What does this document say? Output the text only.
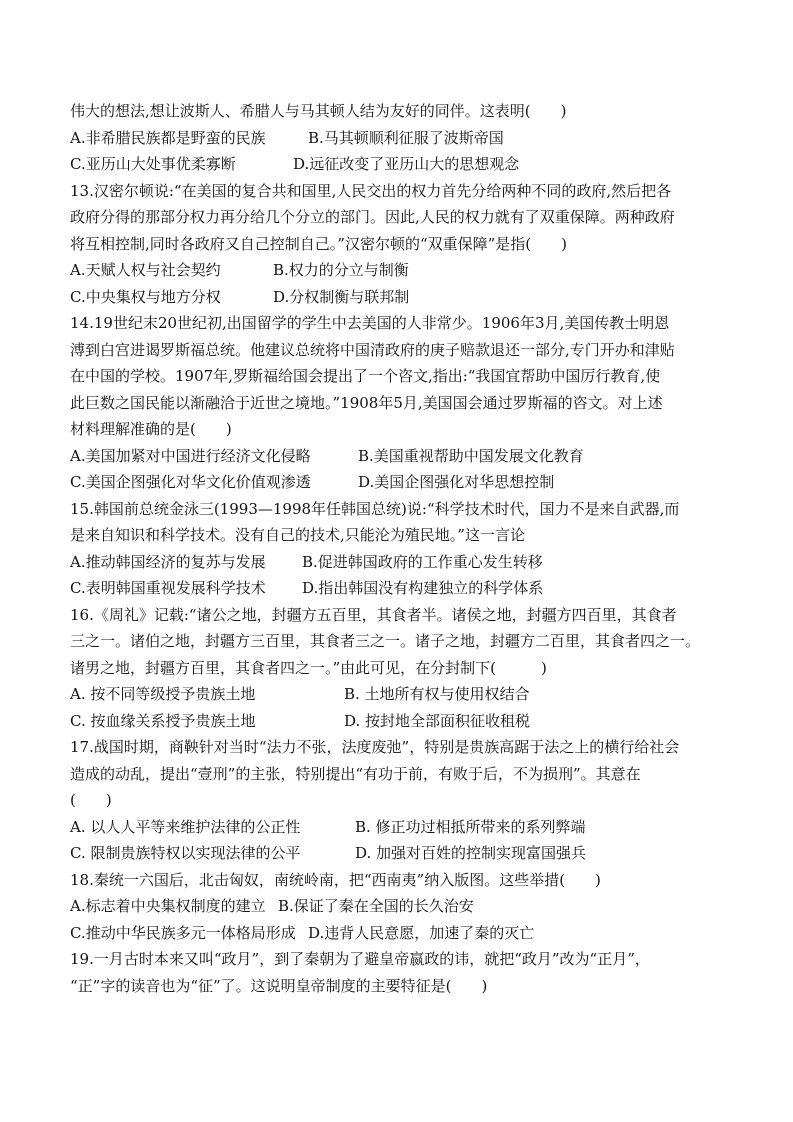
伟大的想法,想让波斯人、希腊人与马其顿人结为友好的同伴。这表明(　　)
A.非希腊民族都是野蛮的民族	B.马其顿顺利征服了波斯帝国
C.亚历山大处事优柔寡断	D.远征改变了亚历山大的思想观念
13.汉密尔顿说:“在美国的复合共和国里,人民交出的权力首先分给两种不同的政府,然后把各
政府分得的那部分权力再分给几个分立的部门。因此,人民的权力就有了双重保障。两种政府
将互相控制,同时各政府又自己控制自己。”汉密尔顿的“双重保障”是指(　　)
A.天赋人权与社会契约	B.权力的分立与制衡
C.中央集权与地方分权	D.分权制衡与联邦制
14.19世纪末20世纪初,出国留学的学生中去美国的人非常少。1906年3月,美国传教士明恩
溥到白宫进谒罗斯福总统。他建议总统将中国清政府的庚子赔款退还一部分,专门开办和津贴
在中国的学校。1907年,罗斯福给国会提出了一个咨文,指出:“我国宜帮助中国厉行教育,使
此巨数之国民能以渐融洽于近世之境地。”1908年5月,美国国会通过罗斯福的咨文。对上述
材料理解准确的是(　　)
A.美国加紧对中国进行经济文化侵略	B.美国重视帮助中国发展文化教育
C.美国企图强化对华文化价值观渗透	D.美国企图强化对华思想控制
15.韩国前总统金泳三(1993—1998年任韩国总统)说:“科学技术时代，国力不是来自武器,而
是来自知识和科学技术。没有自己的技术,只能沦为殖民地。”这一言论
A.推动韩国经济的复苏与发展	B.促进韩国政府的工作重心发生转移
C.表明韩国重视发展科学技术	D.指出韩国没有构建独立的科学体系
16.《周礼》记载:“诸公之地，封疆方五百里，其食者半。诸侯之地，封疆方四百里，其食者
三之一。诸伯之地，封疆方三百里，其食者三之一。诸子之地，封疆方二百里，其食者四之一。
诸男之地，封疆方百里，其食者四之一。”由此可见，在分封制下(　　　)
A. 按不同等级授予贵族土地	B. 土地所有权与使用权结合
C. 按血缘关系授予贵族土地	D. 按封地全部面积征收租税
17.战国时期，商鞅针对当时“法力不张，法度废弛”，特别是贵族高踞于法之上的横行给社会
造成的动乱，提出“壹刑”的主张，特别提出“有功于前，有败于后，不为损刑”。其意在
(　　)
A. 以人人平等来维护法律的公正性	B. 修正功过相抵所带来的系列弊端
C. 限制贵族特权以实现法律的公平	D. 加强对百姓的控制实现富国强兵
18.秦统一六国后，北击匈奴，南统岭南，把“西南夷”纳入版图。这些举措(　　)
A.标志着中央集权制度的建立 B.保证了秦在全国的长久治安
C.推动中华民族多元一体格局形成 D.违背人民意愿，加速了秦的灭亡
19.一月古时本来又叫“政月”，到了秦朝为了避皇帝嬴政的讳，就把“政月”改为“正月”，
“正”字的读音也为“征”了。这说明皇帝制度的主要特征是(　　)
